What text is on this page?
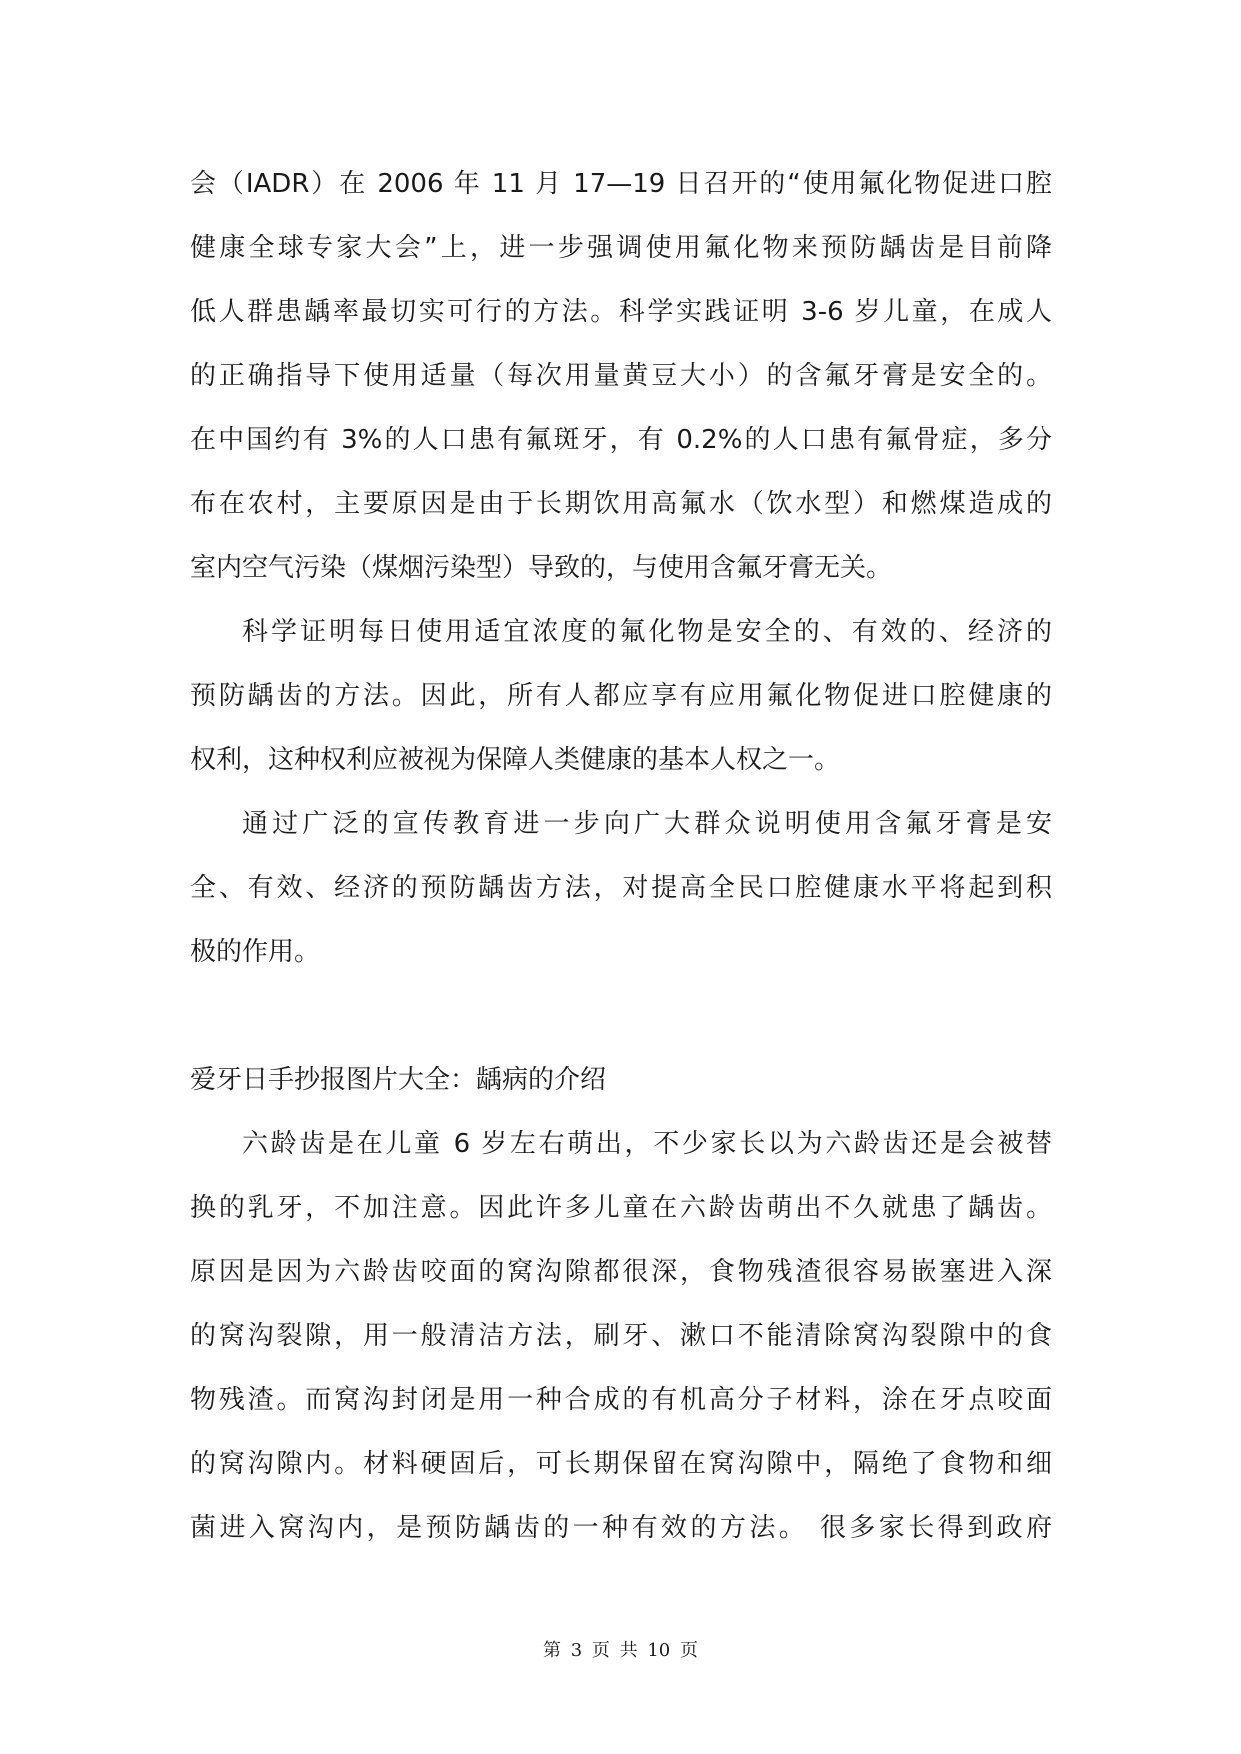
会（IADR）在 2006 年 11 月 17—19 日召开的“使用氟化物促进口腔
健康全球专家大会”上，进一步强调使用氟化物来预防龋齿是目前降
低人群患龋率最切实可行的方法。科学实践证明 3-6 岁儿童，在成人
的正确指导下使用适量（每次用量黄豆大小）的含氟牙膏是安全的。
在中国约有 3%的人口患有氟斑牙，有 0.2%的人口患有氟骨症，多分
布在农村，主要原因是由于长期饮用高氟水（饮水型）和燃煤造成的
室内空气污染（煤烟污染型）导致的，与使用含氟牙膏无关。
科学证明每日使用适宜浓度的氟化物是安全的、有效的、经济的
预防龋齿的方法。因此，所有人都应享有应用氟化物促进口腔健康的
权利，这种权利应被视为保障人类健康的基本人权之一。
通过广泛的宣传教育进一步向广大群众说明使用含氟牙膏是安
全、有效、经济的预防龋齿方法，对提高全民口腔健康水平将起到积
极的作用。
爱牙日手抄报图片大全：龋病的介绍
六龄齿是在儿童 6 岁左右萌出，不少家长以为六龄齿还是会被替
换的乳牙，不加注意。因此许多儿童在六龄齿萌出不久就患了龋齿。
原因是因为六龄齿咬面的窝沟隙都很深，食物残渣很容易嵌塞进入深
的窝沟裂隙，用一般清洁方法，刷牙、漱口不能清除窝沟裂隙中的食
物残渣。而窝沟封闭是用一种合成的有机高分子材料，涂在牙点咬面
的窝沟隙内。材料硬固后，可长期保留在窝沟隙中，隔绝了食物和细
菌进入窝沟内，是预防龋齿的一种有效的方法。 很多家长得到政府
第 3 页 共 10 页
